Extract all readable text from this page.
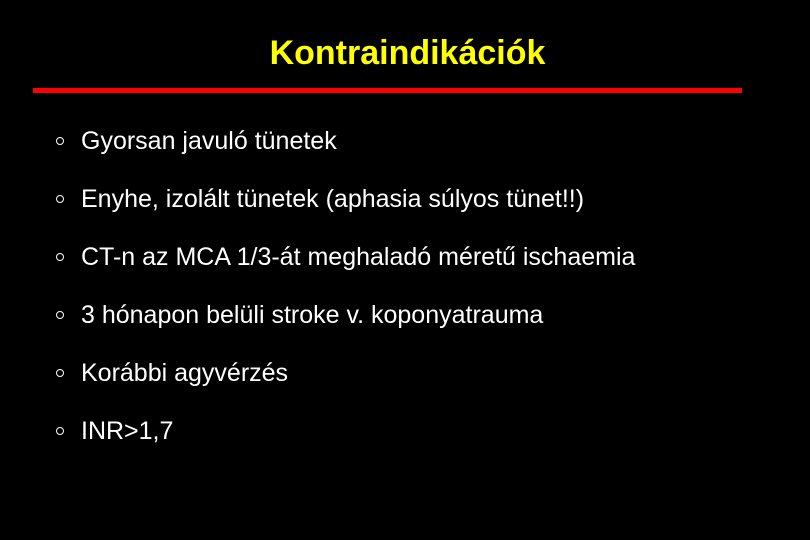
Kontraindikációk
Gyorsan javuló tünetek
Enyhe, izolált tünetek (aphasia súlyos tünet!!)
CT-n az MCA 1/3-át meghaladó méretű ischaemia
3 hónapon belüli stroke v. koponyatrauma
Korábbi agyvérzés
INR>1,7
